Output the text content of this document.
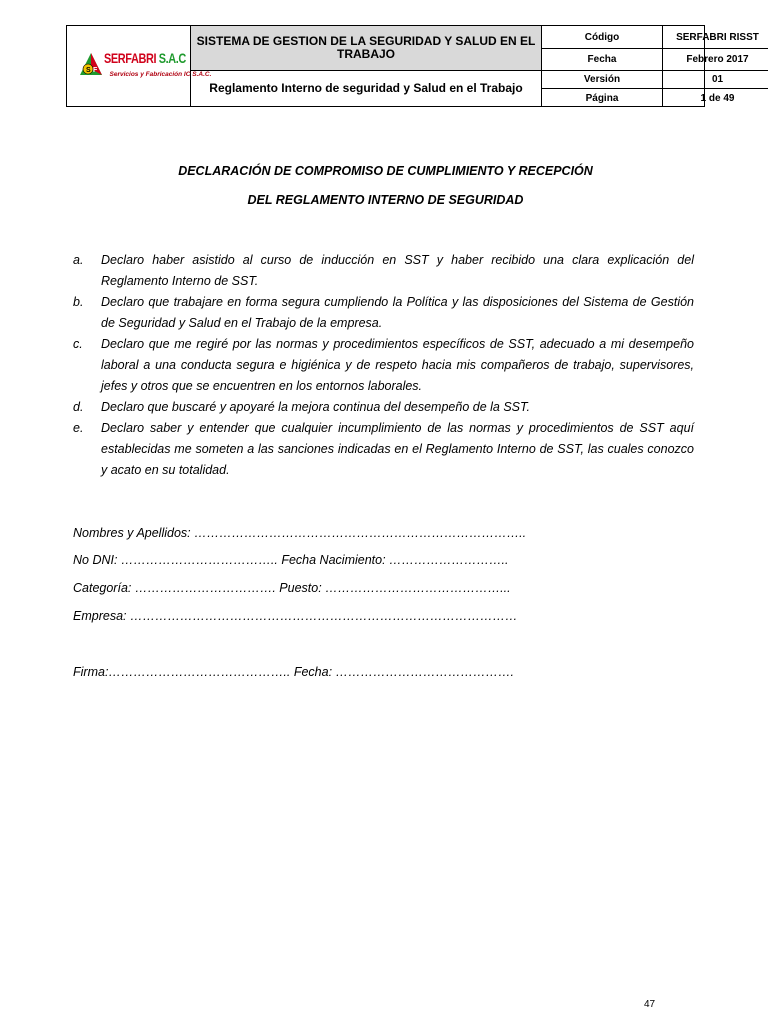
S F
SERFABRI S.A.C
Servicios y Fabricación IC S.A.C.
SISTEMA DE GESTION DE LA SEGURIDAD Y SALUD EN EL TRABAJO
Reglamento Interno de seguridad y Salud en el Trabajo
Código	SERFABRI RISST
Fecha	Febrero 2017
Versión	01
Página	1 de 49
DECLARACIÓN DE COMPROMISO DE CUMPLIMIENTO Y RECEPCIÓN
DEL REGLAMENTO INTERNO DE SEGURIDAD
a. Declaro haber asistido al curso de inducción en SST y haber recibido una clara explicación del Reglamento Interno de SST.
b. Declaro que trabajare en forma segura cumpliendo la Política y las disposiciones del Sistema de Gestión de Seguridad y Salud en el Trabajo de la empresa.
c. Declaro que me regiré por las normas y procedimientos específicos de SST, adecuado a mi desempeño laboral a una conducta segura e higiénica y de respeto hacia mis compañeros de trabajo, supervisores, jefes y otros que se encuentren en los entornos laborales.
d. Declaro que buscaré y apoyaré la mejora continua del desempeño de la SST.
e. Declaro saber y entender que cualquier incumplimiento de las normas y procedimientos de SST aquí establecidas me someten a las sanciones indicadas en el Reglamento Interno de SST, las cuales conozco y acato en su totalidad.
Nombres y Apellidos: ……………………………………………………………………..
No DNI: ……………………………….. Fecha Nacimiento: ………………………..
Categoría: ……………………………. Puesto: ……………………………………...
Empresa: …………………………………………………………………………………
Firma:…………………………………….. Fecha: …………………………………….
47
